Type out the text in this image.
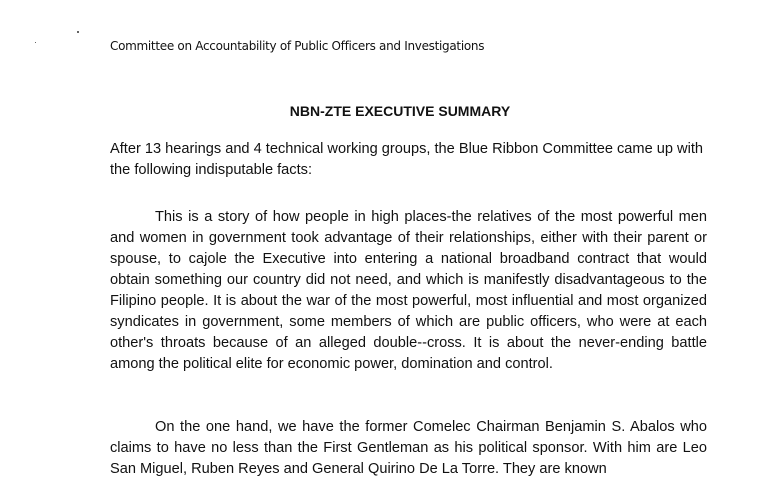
Committee on Accountability of Public Officers and Investigations
NBN-ZTE EXECUTIVE SUMMARY
After 13 hearings and 4 technical working groups, the Blue Ribbon Committee came up with the following indisputable facts:
This is a story of how people in high places-the relatives of the most powerful men and women in government took advantage of their relationships, either with their parent or spouse, to cajole the Executive into entering a national broadband contract that would obtain something our country did not need, and which is manifestly disadvantageous to the Filipino people. It is about the war of the most powerful, most influential and most organized syndicates in government, some members of which are public officers, who were at each other's throats because of an alleged double--cross. It is about the never-ending battle among the political elite for economic power, domination and control.
On the one hand, we have the former Comelec Chairman Benjamin S. Abalos who claims to have no less than the First Gentleman as his political sponsor. With him are Leo San Miguel, Ruben Reyes and General Quirino De La Torre. They are known
